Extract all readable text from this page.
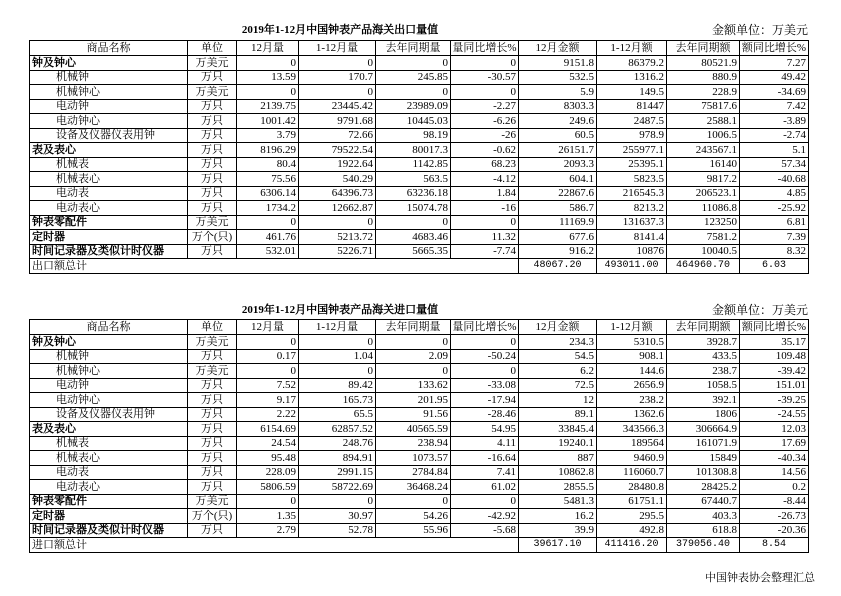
2019年1-12月中国钟表产品海关出口量值	金额单位：万美元
商品名称	单位	12月量	1-12月量	去年同期量	量同比增长%	12月金额	1-12月额	去年同期额	额同比增长%
钟及钟心	万美元	0	0	0	0	9151.8	86379.2	80521.9	7.27
机械钟	万只	13.59	170.7	245.85	-30.57	532.5	1316.2	880.9	49.42
机械钟心	万美元	0	0	0	0	5.9	149.5	228.9	-34.69
电动钟	万只	2139.75	23445.42	23989.09	-2.27	8303.3	81447	75817.6	7.42
电动钟心	万只	1001.42	9791.68	10445.03	-6.26	249.6	2487.5	2588.1	-3.89
设备及仪器仪表用钟	万只	3.79	72.66	98.19	-26	60.5	978.9	1006.5	-2.74
表及表心	万只	8196.29	79522.54	80017.3	-0.62	26151.7	255977.1	243567.1	5.1
机械表	万只	80.4	1922.64	1142.85	68.23	2093.3	25395.1	16140	57.34
机械表心	万只	75.56	540.29	563.5	-4.12	604.1	5823.5	9817.2	-40.68
电动表	万只	6306.14	64396.73	63236.18	1.84	22867.6	216545.3	206523.1	4.85
电动表心	万只	1734.2	12662.87	15074.78	-16	586.7	8213.2	11086.8	-25.92
钟表零配件	万美元	0	0	0	0	11169.9	131637.3	123250	6.81
定时器	万个(只)	461.76	5213.72	4683.46	11.32	677.6	8141.4	7581.2	7.39
时间记录器及类似计时仪器	万只	532.01	5226.71	5665.35	-7.74	916.2	10876	10040.5	8.32
出口额总计						48067.20	493011.00	464960.70	6.03
2019年1-12月中国钟表产品海关进口量值	金额单位：万美元
商品名称	单位	12月量	1-12月量	去年同期量	量同比增长%	12月金额	1-12月额	去年同期额	额同比增长%
钟及钟心	万美元	0	0	0	0	234.3	5310.5	3928.7	35.17
机械钟	万只	0.17	1.04	2.09	-50.24	54.5	908.1	433.5	109.48
机械钟心	万美元	0	0	0	0	6.2	144.6	238.7	-39.42
电动钟	万只	7.52	89.42	133.62	-33.08	72.5	2656.9	1058.5	151.01
电动钟心	万只	9.17	165.73	201.95	-17.94	12	238.2	392.1	-39.25
设备及仪器仪表用钟	万只	2.22	65.5	91.56	-28.46	89.1	1362.6	1806	-24.55
表及表心	万只	6154.69	62857.52	40565.59	54.95	33845.4	343566.3	306664.9	12.03
机械表	万只	24.54	248.76	238.94	4.11	19240.1	189564	161071.9	17.69
机械表心	万只	95.48	894.91	1073.57	-16.64	887	9460.9	15849	-40.34
电动表	万只	228.09	2991.15	2784.84	7.41	10862.8	116060.7	101308.8	14.56
电动表心	万只	5806.59	58722.69	36468.24	61.02	2855.5	28480.8	28425.2	0.2
钟表零配件	万美元	0	0	0	0	5481.3	61751.1	67440.7	-8.44
定时器	万个(只)	1.35	30.97	54.26	-42.92	16.2	295.5	403.3	-26.73
时间记录器及类似计时仪器	万只	2.79	52.78	55.96	-5.68	39.9	492.8	618.8	-20.36
进口额总计						39617.10	411416.20	379056.40	8.54
中国钟表协会整理汇总
